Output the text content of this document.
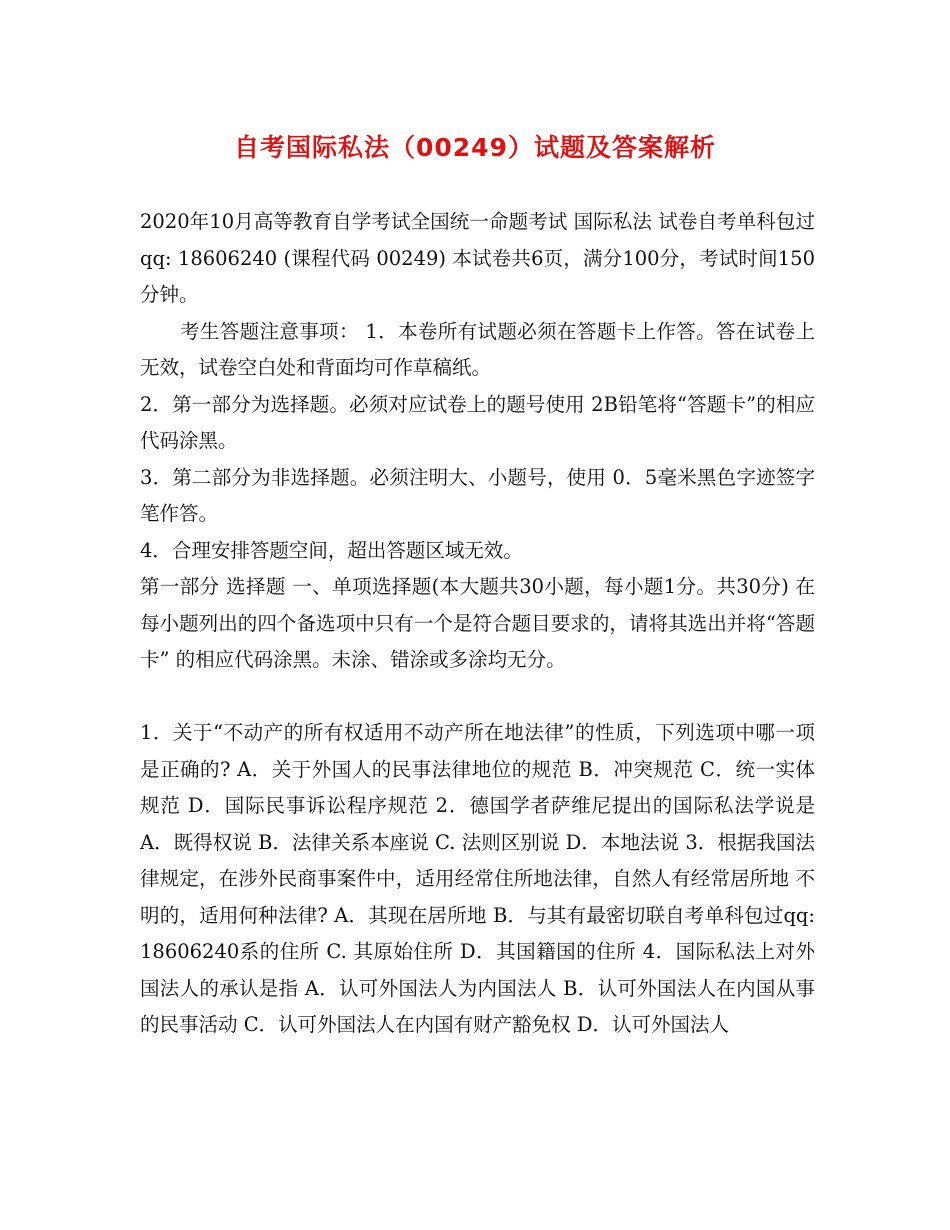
自考国际私法（00249）试题及答案解析

2020年10月高等教育自学考试全国统一命题考试 国际私法 试卷自考单科包过qq: 18606240 (课程代码 00249) 本试卷共6页，满分100分，考试时间150分钟。

考生答题注意事项： 1．本卷所有试题必须在答题卡上作答。答在试卷上无效，试卷空白处和背面均可作草稿纸。

2．第一部分为选择题。必须对应试卷上的题号使用 2B铅笔将“答题卡”的相应代码涂黑。

3．第二部分为非选择题。必须注明大、小题号，使用 0．5毫米黑色字迹签字笔作答。

4．合理安排答题空间，超出答题区域无效。

第一部分 选择题 一、单项选择题(本大题共30小题，每小题1分。共30分) 在每小题列出的四个备选项中只有一个是符合题目要求的，请将其选出并将“答题卡” 的相应代码涂黑。未涂、错涂或多涂均无分。

1．关于“不动产的所有权适用不动产所在地法律”的性质，下列选项中哪一项是正确的? A．关于外国人的民事法律地位的规范 B．冲突规范 C．统一实体规范 D．国际民事诉讼程序规范 2．德国学者萨维尼提出的国际私法学说是 A．既得权说 B．法律关系本座说 C. 法则区别说 D．本地法说 3．根据我国法律规定，在涉外民商事案件中，适用经常住所地法律，自然人有经常居所地 不明的，适用何种法律? A．其现在居所地 B．与其有最密切联自考单科包过qq: 18606240系的住所 C. 其原始住所 D．其国籍国的住所 4．国际私法上对外国法人的承认是指 A．认可外国法人为内国法人 B．认可外国法人在内国从事的民事活动 C．认可外国法人在内国有财产豁免权 D．认可外国法人
